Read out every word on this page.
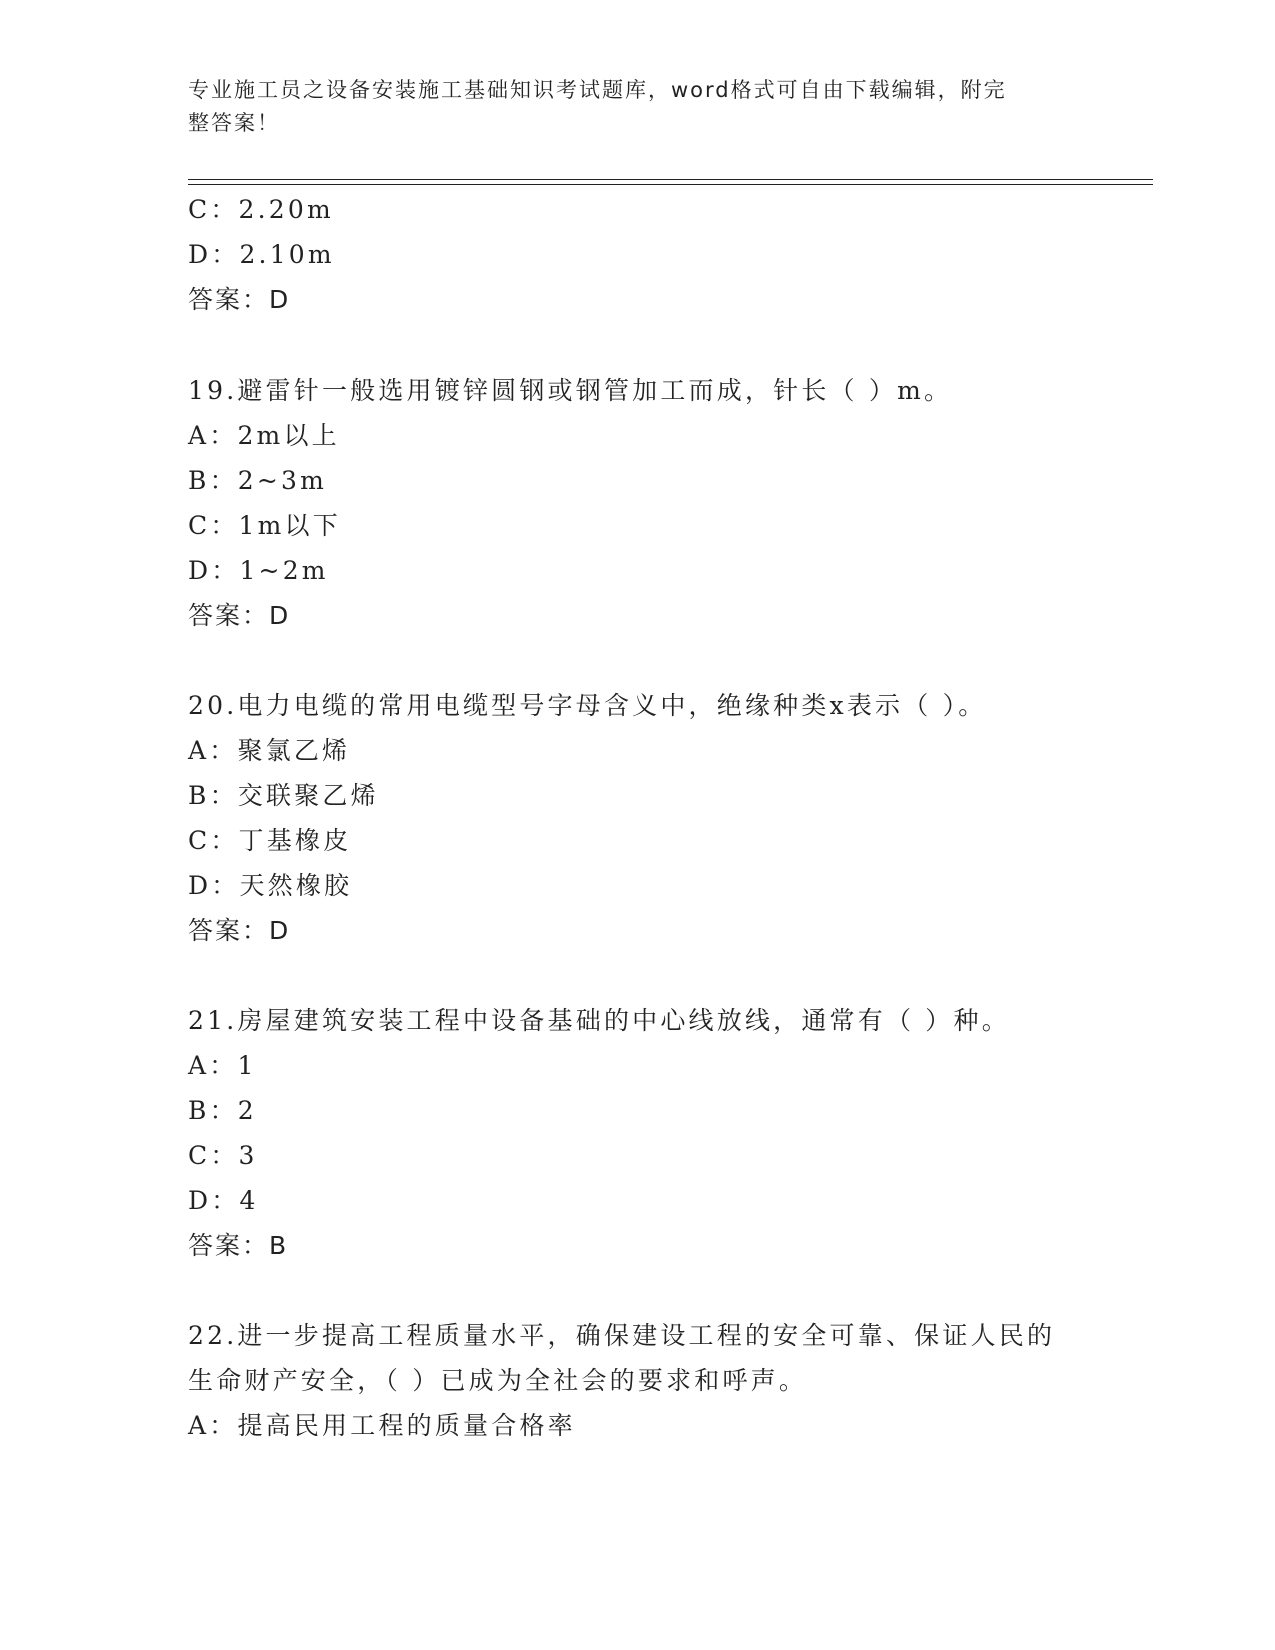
专业施工员之设备安装施工基础知识考试题库，word格式可自由下载编辑，附完
整答案！
C：2.20m
D：2.10m
答案：D
19.避雷针一般选用镀锌圆钢或钢管加工而成，针长（ ）m。
A：2m以上
B：2~3m
C：1m以下
D：1~2m
答案：D
20.电力电缆的常用电缆型号字母含义中，绝缘种类x表示（ ）。
A：聚氯乙烯
B：交联聚乙烯
C：丁基橡皮
D：天然橡胶
答案：D
21.房屋建筑安装工程中设备基础的中心线放线，通常有（ ）种。
A：1
B：2
C：3
D：4
答案：B
22.进一步提高工程质量水平，确保建设工程的安全可靠、保证人民的
生命财产安全，（ ）已成为全社会的要求和呼声。
A：提高民用工程的质量合格率
